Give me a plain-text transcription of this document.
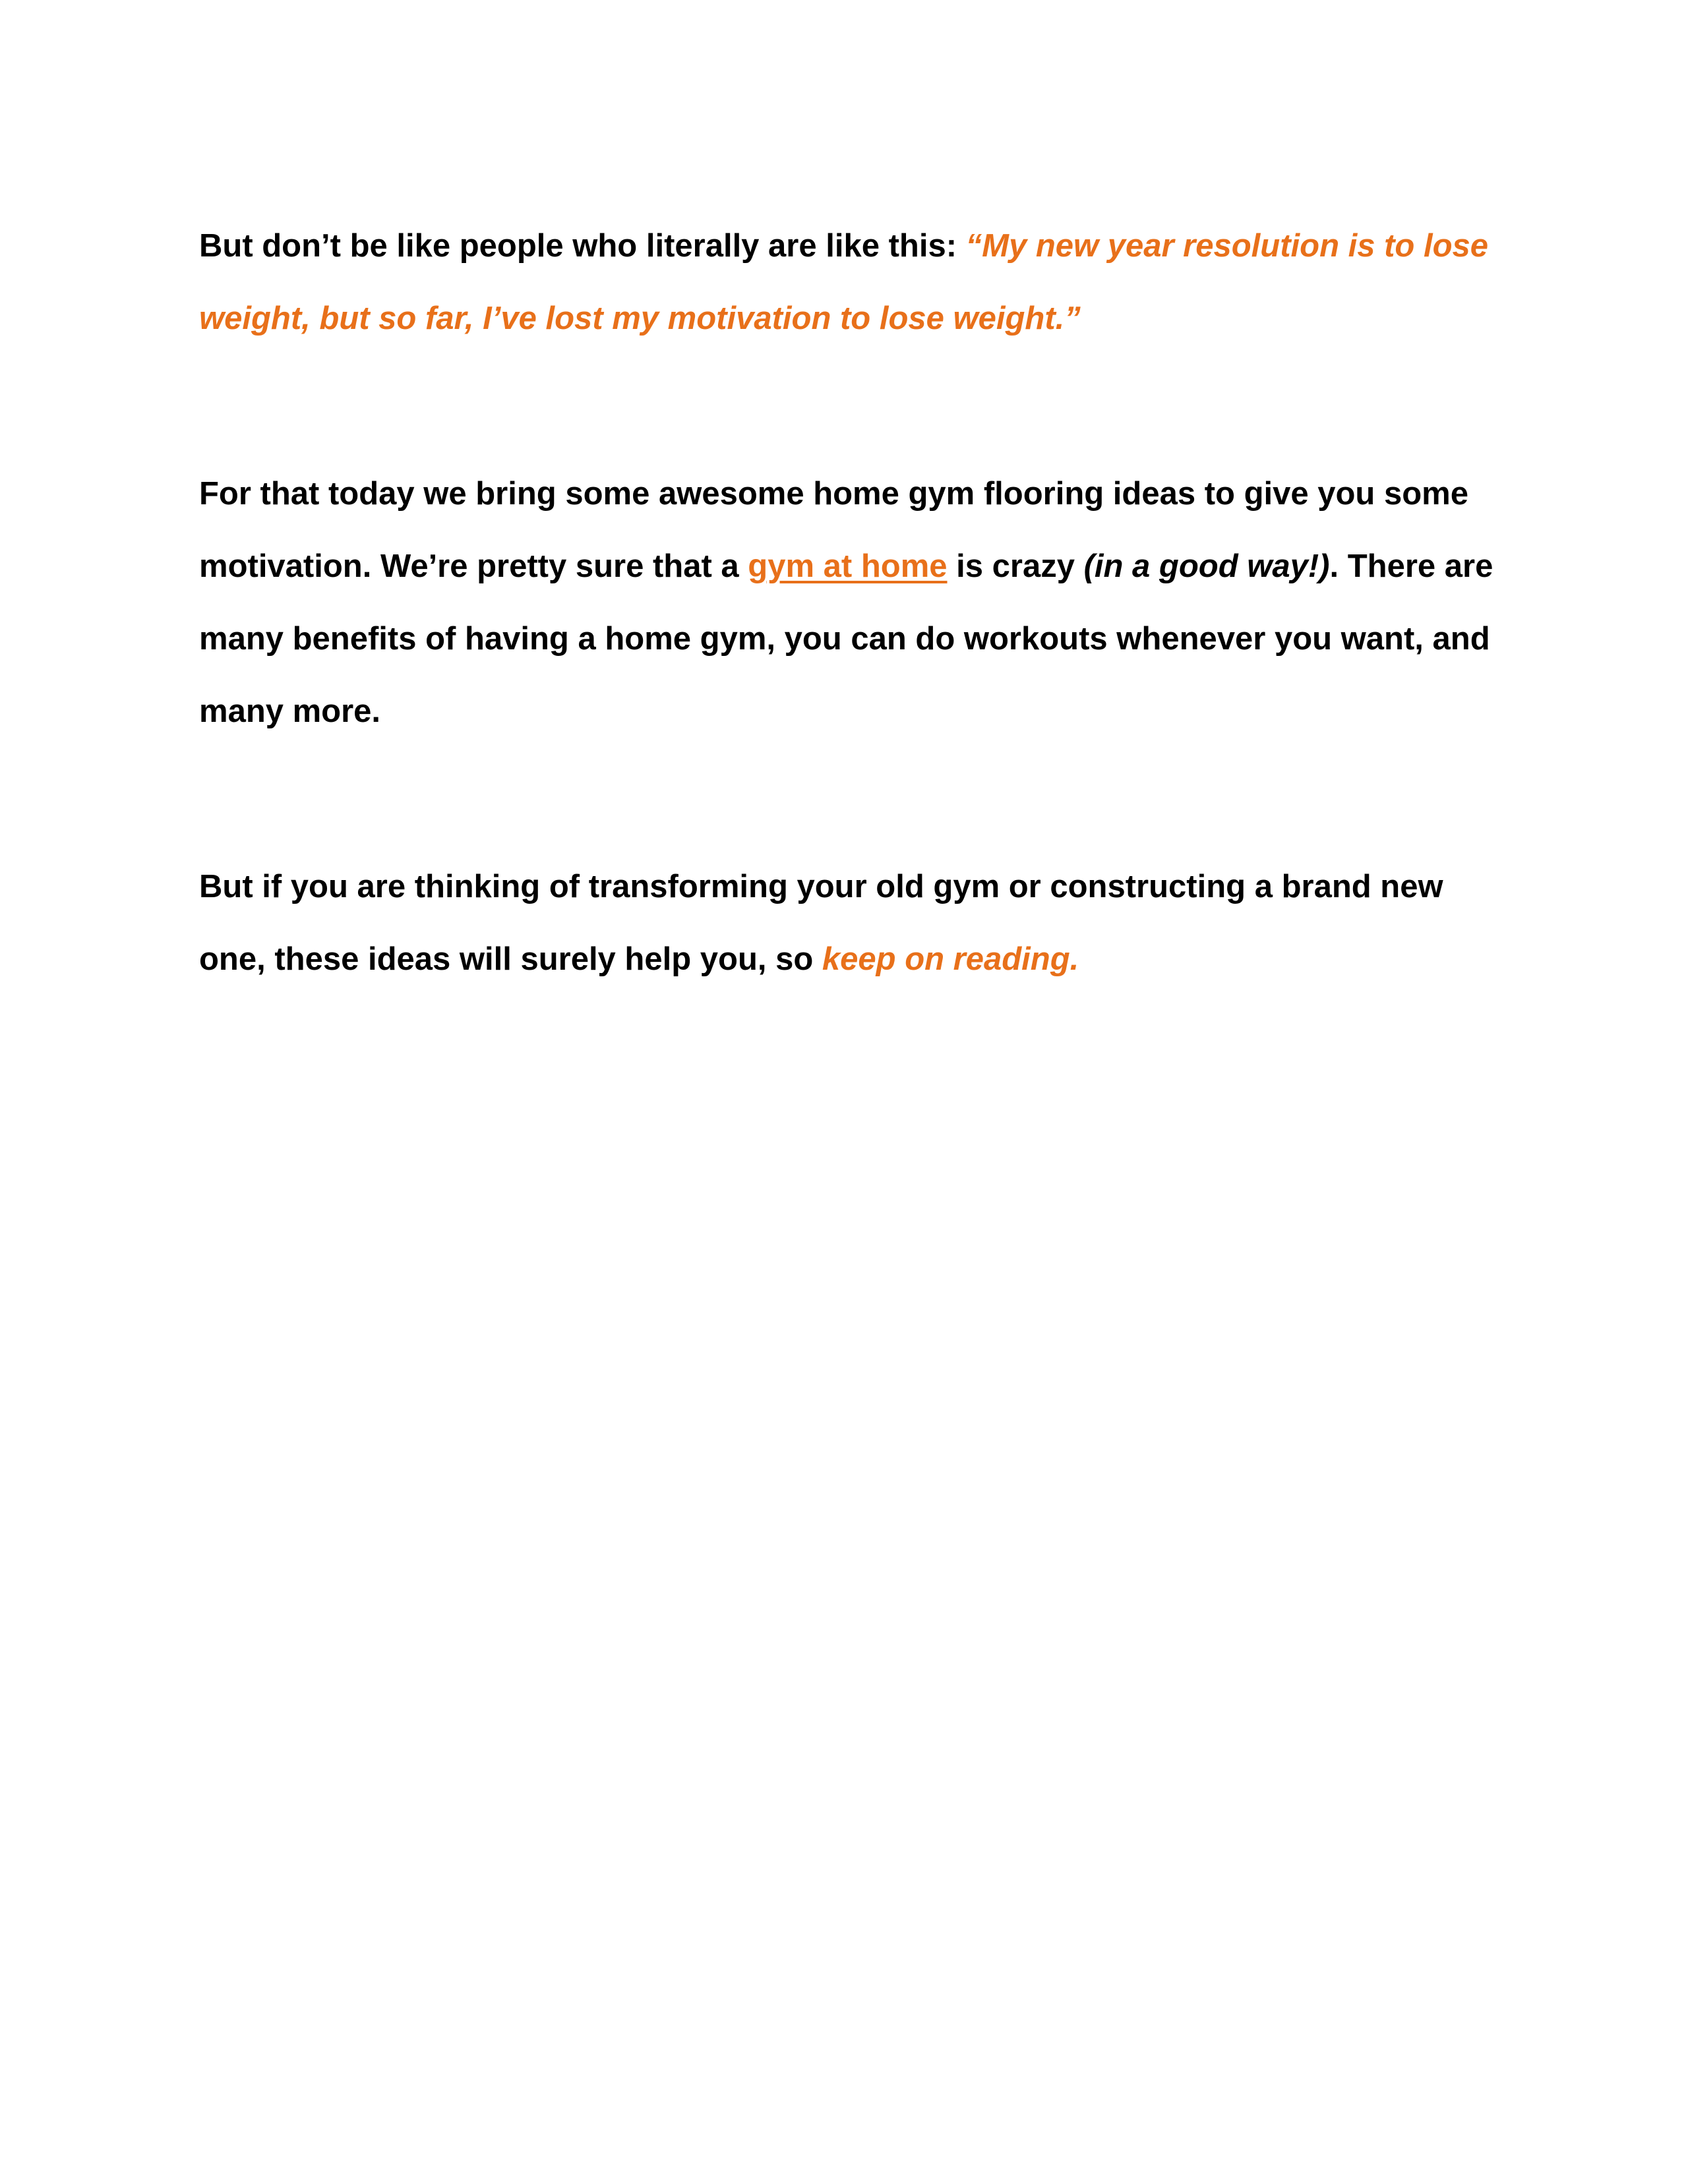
But don’t be like people who literally are like this: “My new year resolution is to lose weight, but so far, I’ve lost my motivation to lose weight.”

For that today we bring some awesome home gym flooring ideas to give you some motivation. We’re pretty sure that a gym at home is crazy (in a good way!). There are many benefits of having a home gym, you can do workouts whenever you want, and many more.

But if you are thinking of transforming your old gym or constructing a brand new one, these ideas will surely help you, so keep on reading.
